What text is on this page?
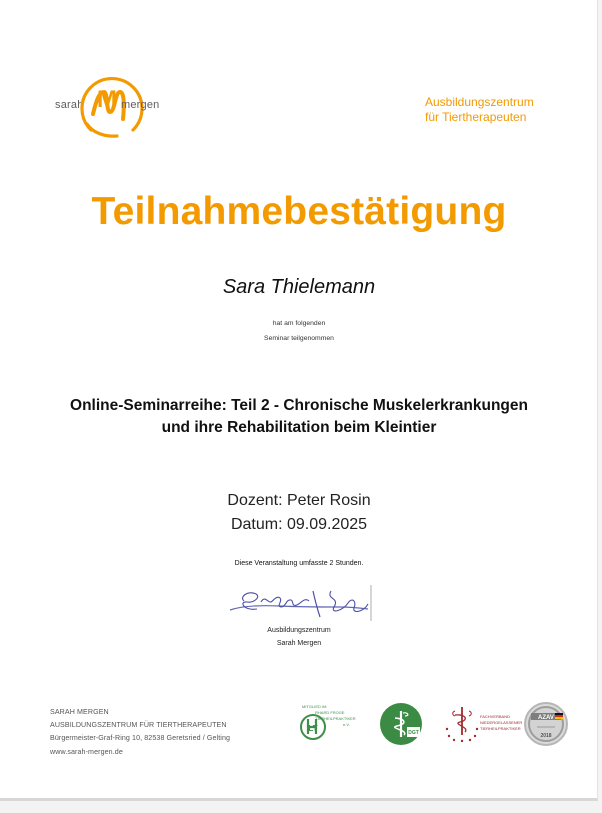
sarah M mergen	Ausbildungszentrum
für Tiertherapeuten
Teilnahmebestätigung
Sara Thielemann
hat am folgenden
Seminar teilgenommen
Online-Seminarreihe: Teil 2 - Chronische Muskelerkrankungen
und ihre Rehabilitation beim Kleintier
Dozent: Peter Rosin
Datum: 09.09.2025
Diese Veranstaltung umfasste 2 Stunden.
Ausbildungszentrum
Sarah Mergen
SARAH MERGEN
AUSBILDUNGSZENTRUM FÜR TIERTHERAPEUTEN
Bürgermeister-Graf-Ring 10, 82538 Geretsried / Gelting
www.sarah-mergen.de
LT
MITGLIED IM
RHARD FROGE
TIERHEILPRAKTIKER
e.V.
DGT
FACHVERBAND
NIEDERGELASSENER
TIERHEILPRAKTIKER
AZAV
2018
